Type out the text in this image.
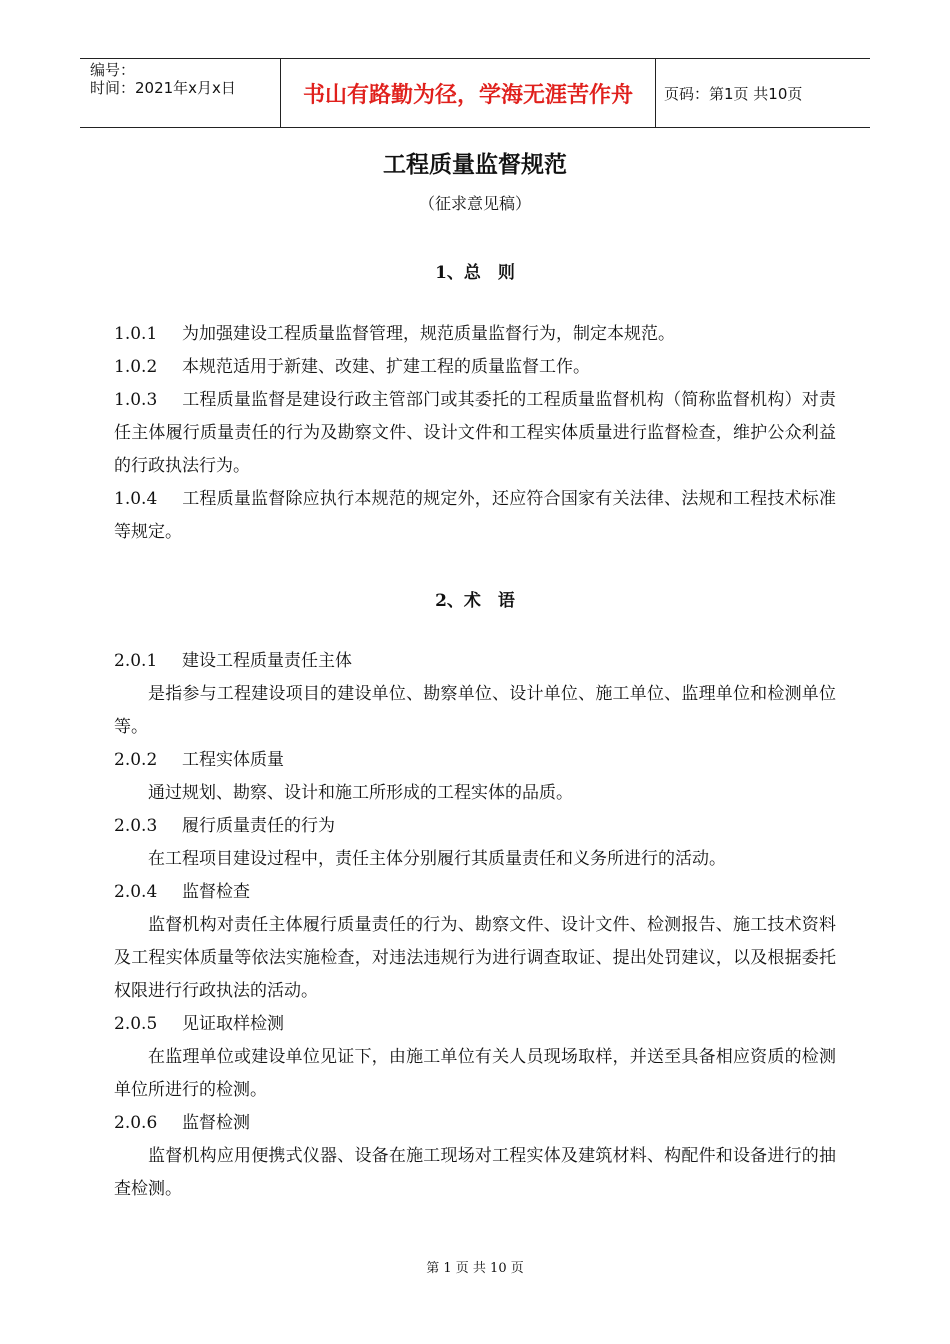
编号：
时间：2021年x月x日	书山有路勤为径，学海无涯苦作舟	页码：第1页 共10页
工程质量监督规范
（征求意见稿）
1、总　则

1.0.1 为加强建设工程质量监督管理，规范质量监督行为，制定本规范。

1.0.2 本规范适用于新建、改建、扩建工程的质量监督工作。

1.0.3 工程质量监督是建设行政主管部门或其委托的工程质量监督机构（简称监督机构）对责任主体履行质量责任的行为及勘察文件、设计文件和工程实体质量进行监督检查，维护公众利益的行政执法行为。

1.0.4 工程质量监督除应执行本规范的规定外，还应符合国家有关法律、法规和工程技术标准等规定。

2、术　语

2.0.1 建设工程质量责任主体

是指参与工程建设项目的建设单位、勘察单位、设计单位、施工单位、监理单位和检测单位等。

2.0.2 工程实体质量

通过规划、勘察、设计和施工所形成的工程实体的品质。

2.0.3 履行质量责任的行为

在工程项目建设过程中，责任主体分别履行其质量责任和义务所进行的活动。

2.0.4 监督检查

监督机构对责任主体履行质量责任的行为、勘察文件、设计文件、检测报告、施工技术资料及工程实体质量等依法实施检查，对违法违规行为进行调查取证、提出处罚建议，以及根据委托权限进行行政执法的活动。

2.0.5 见证取样检测

在监理单位或建设单位见证下，由施工单位有关人员现场取样，并送至具备相应资质的检测单位所进行的检测。

2.0.6 监督检测

监督机构应用便携式仪器、设备在施工现场对工程实体及建筑材料、构配件和设备进行的抽查检测。

第 1 页 共 10 页
